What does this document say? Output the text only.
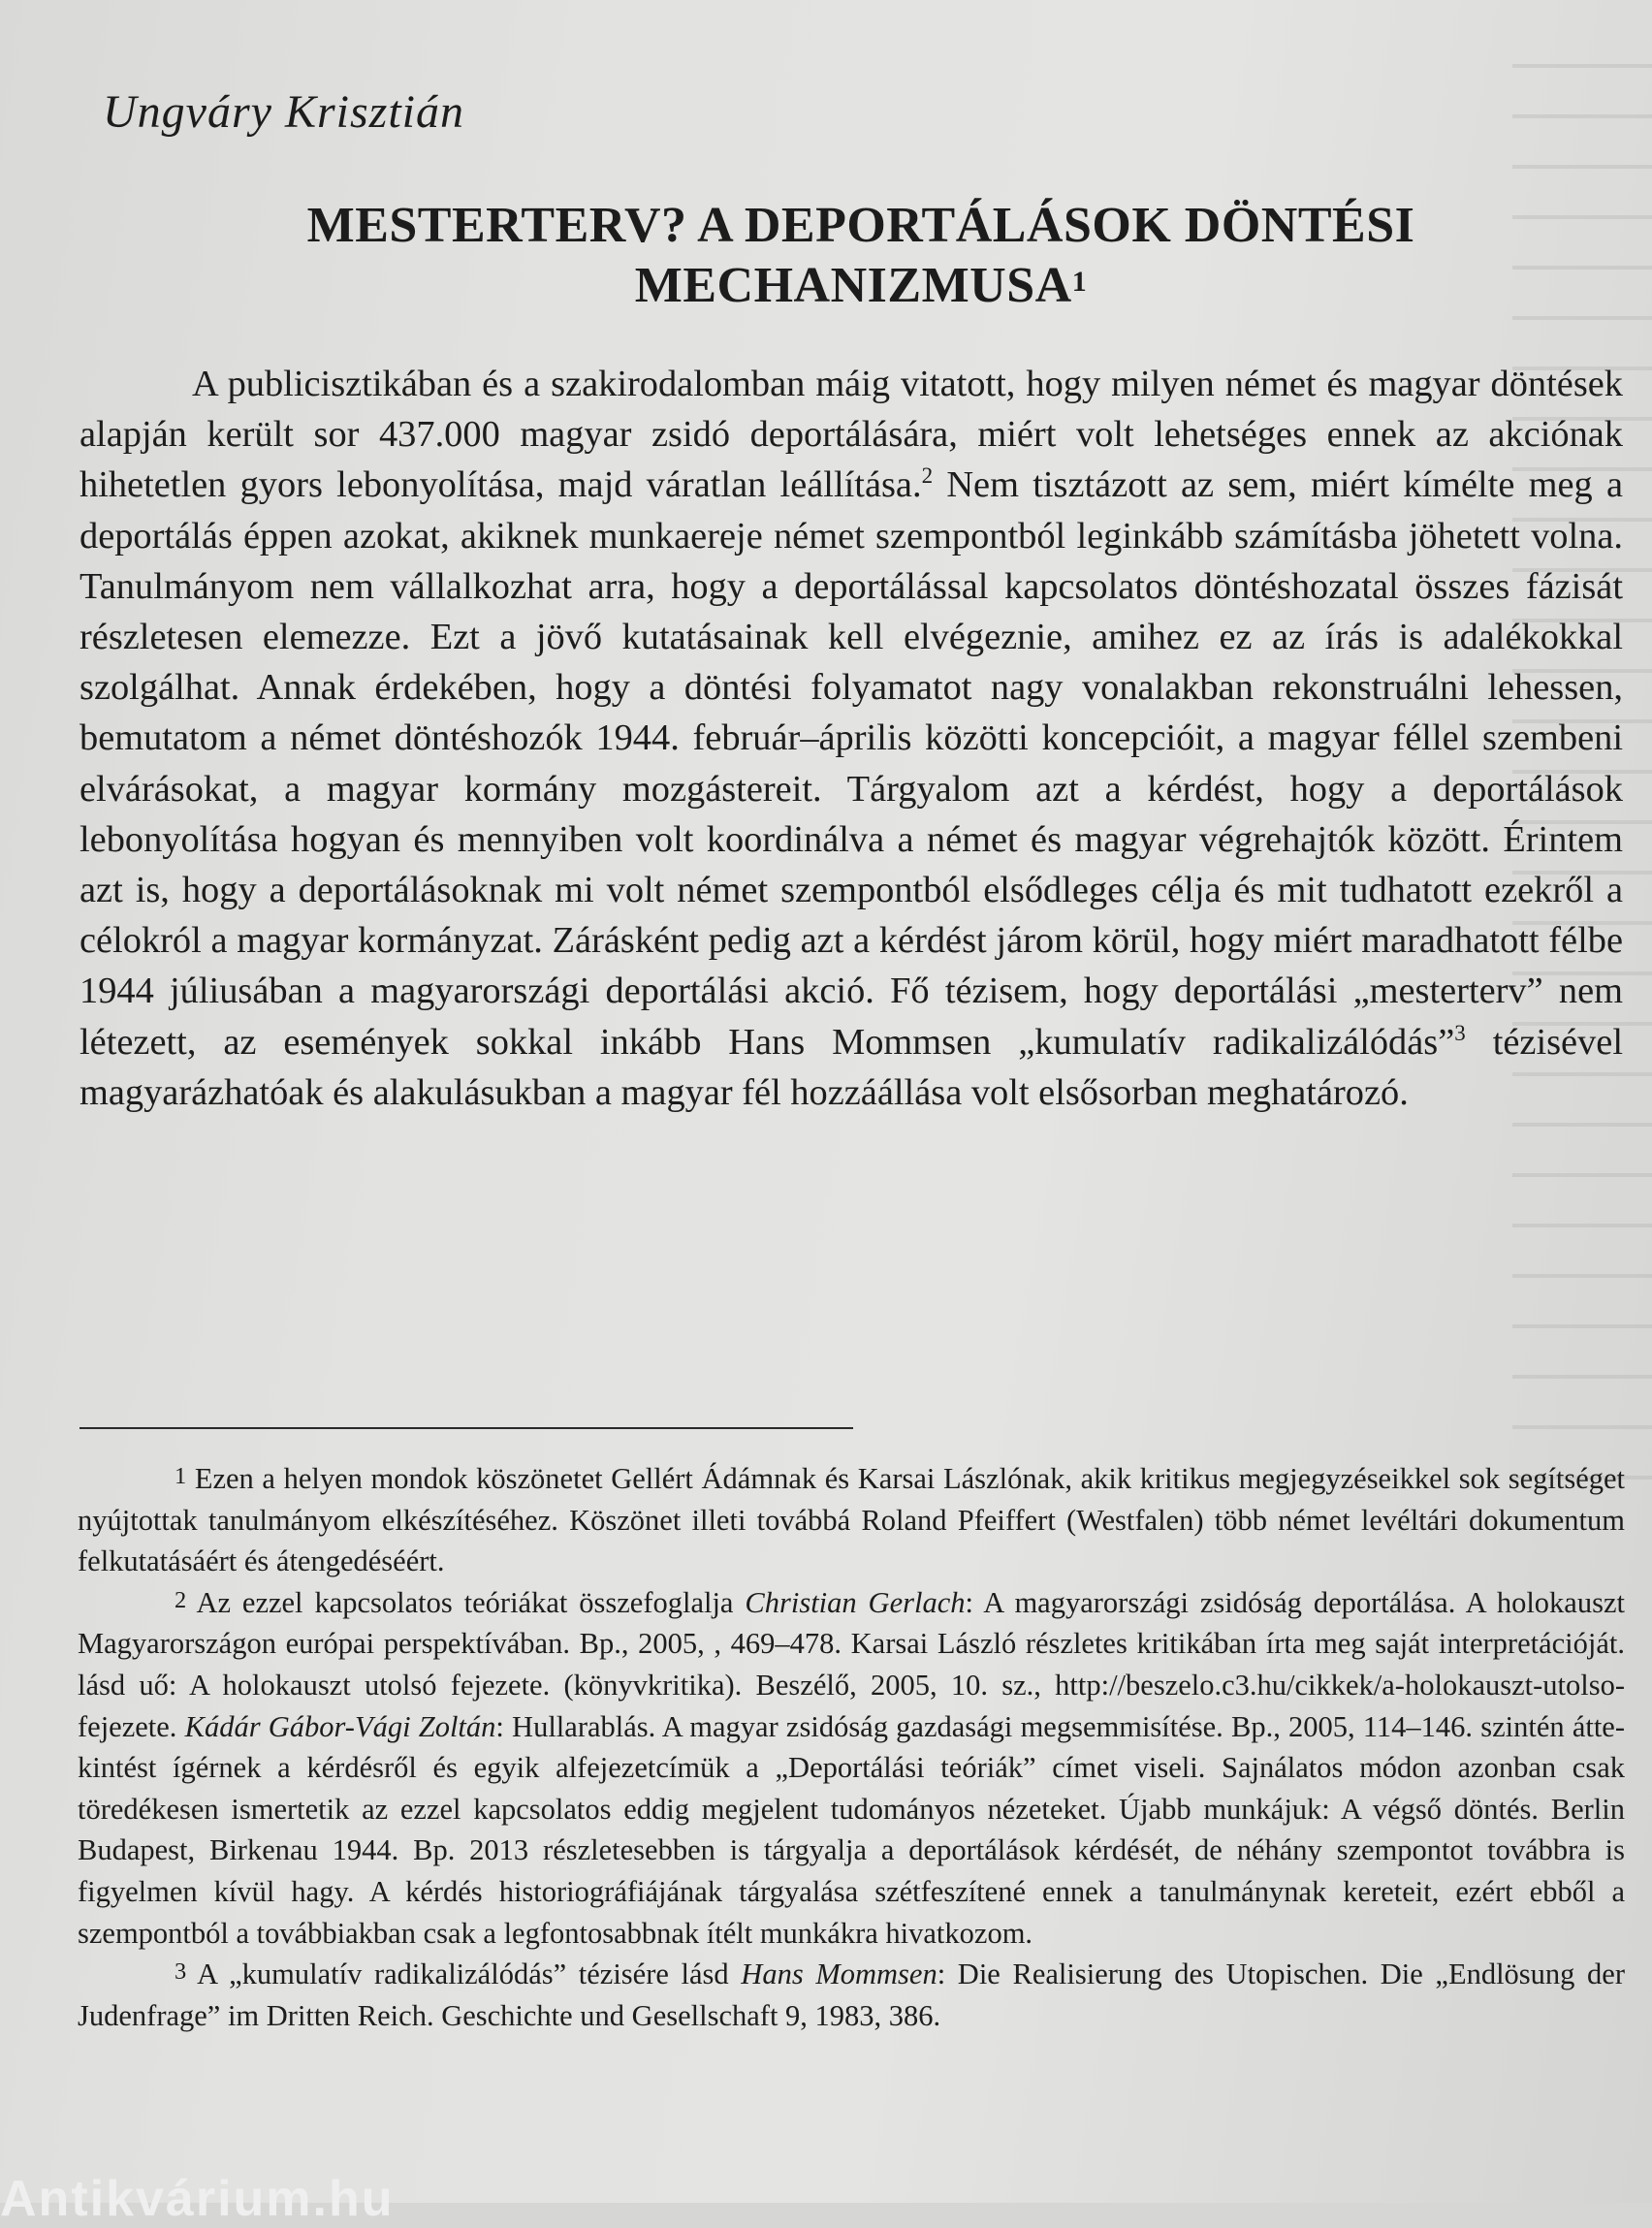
Ungváry Krisztián
MESTERTERV? A DEPORTÁLÁSOK DÖNTÉSI
MECHANIZMUSA$^1$
A publicisztikában és a szakirodalomban máig vitatott, hogy milyen német és magyar döntések alapján került sor 437.000 magyar zsidó deportálására, miért volt lehetséges ennek az akciónak hihetetlen gyors lebonyolítása, majd váratlan leállítása.$^2$ Nem tisztázott az sem, miért kímélte meg a deportálás éppen azokat, akiknek munkaereje német szempontból leginkább számításba jöhetett volna. Tanulmányom nem vállalkozhat arra, hogy a deportálással kapcsolatos döntéshozatal összes fázisát részletesen elemezze. Ezt a jövő kutatásainak kell elvégeznie, amihez ez az írás is adalékokkal szolgálhat. Annak érdekében, hogy a döntési folyamatot nagy vonalakban rekonstruálni lehessen, bemutatom a német döntéshozók 1944. február–április közötti koncepcióit, a magyar féllel szembeni elvárásokat, a magyar kormány mozgástereit. Tárgyalom azt a kérdést, hogy a deportálások lebonyolítása hogyan és mennyiben volt koordinálva a német és magyar végrehajtók között. Érintem azt is, hogy a deportálásoknak mi volt német szempontból elsődleges célja és mit tudhatott ezekről a célokról a magyar kormányzat. Zárásként pedig azt a kérdést járom körül, hogy miért maradhatott félbe 1944 júliusában a magyarországi deportálási akció. Fő tézisem, hogy deportálási „mesterterv” nem létezett, az események sokkal inkább Hans Mommsen „kumulatív radikalizálódás”$^3$ tézisével magyarázhatóak és alakulásukban a magyar fél hozzáállása volt elsősorban meghatározó.

$^1$ Ezen a helyen mondok köszönetet Gellért Ádámnak és Karsai Lászlónak, akik kritikus megjegyzéseikkel sok segítséget nyújtottak tanulmányom elkészítéséhez. Köszönet illeti továbbá Roland Pfeiffert (Westfalen) több német levéltári dokumentum felkutatásáért és átengedéséért.

$^2$ Az ezzel kapcsolatos teóriákat összefoglalja Christian Gerlach: A magyarországi zsidóság deportálása. A holokauszt Magyarországon európai perspektívában. Bp., 2005, , 469–478. Karsai László részletes kritikában írta meg saját interpretációját. lásd uő: A holokauszt utolsó fejezete. (könyvkritika). Beszélő, 2005, 10. sz., http://beszelo.c3.hu/cikkek/a-holokauszt-utolso-fejezete. Kádár Gábor-Vági Zoltán: Hullarablás. A magyar zsidóság gazdasági megsemmisítése. Bp., 2005, 114–146. szintén áttekintést ígérnek a kérdésről és egyik alfejezetcímük a „Deportálási teóriák” címet viseli. Sajnálatos módon azonban csak töredékesen ismertetik az ezzel kapcsolatos eddig megjelent tudományos nézeteket. Újabb munkájuk: A végső döntés. Berlin Budapest, Birkenau 1944. Bp. 2013 részletesebben is tárgyalja a deportálások kérdését, de néhány szempontot továbbra is figyelmen kívül hagy. A kérdés historiográfiájának tárgyalása szétfeszítené ennek a tanulmánynak kereteit, ezért ebből a szempontból a továbbiakban csak a legfontosabbnak ítélt munkákra hivatkozom.

$^3$ A „kumulatív radikalizálódás” tézisére lásd Hans Mommsen: Die Realisierung des Utopischen. Die „Endlösung der Judenfrage” im Dritten Reich. Geschichte und Gesellschaft 9, 1983, 386.

Antikvárium.hu
